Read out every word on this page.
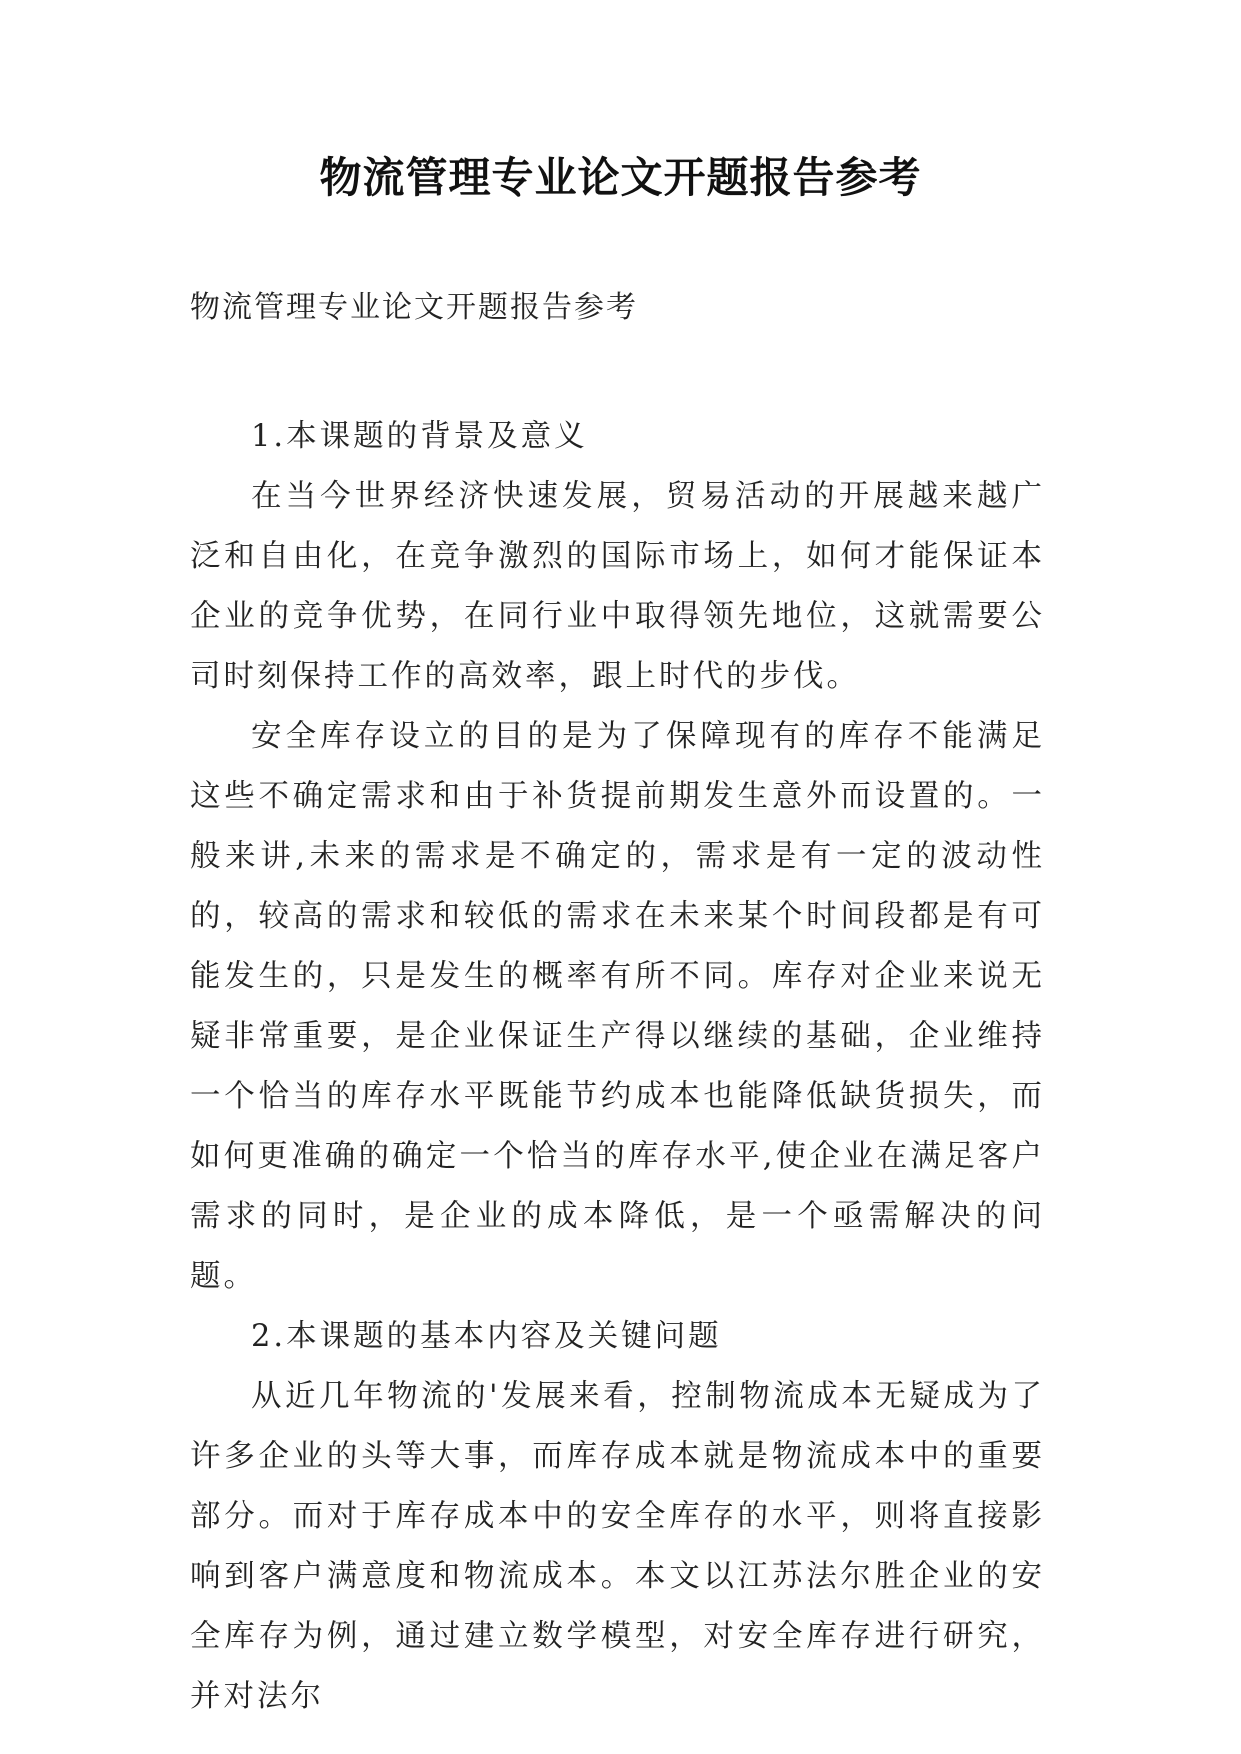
物流管理专业论文开题报告参考
物流管理专业论文开题报告参考

1.本课题的背景及意义

在当今世界经济快速发展，贸易活动的开展越来越广泛和自由化，在竞争激烈的国际市场上，如何才能保证本企业的竞争优势，在同行业中取得领先地位，这就需要公司时刻保持工作的高效率，跟上时代的步伐。

安全库存设立的目的是为了保障现有的库存不能满足这些不确定需求和由于补货提前期发生意外而设置的。一般来讲,未来的需求是不确定的，需求是有一定的波动性的，较高的需求和较低的需求在未来某个时间段都是有可能发生的，只是发生的概率有所不同。库存对企业来说无疑非常重要，是企业保证生产得以继续的基础，企业维持一个恰当的库存水平既能节约成本也能降低缺货损失，而如何更准确的确定一个恰当的库存水平,使企业在满足客户需求的同时，是企业的成本降低，是一个亟需解决的问题。

2.本课题的基本内容及关键问题

从近几年物流的'发展来看，控制物流成本无疑成为了许多企业的头等大事，而库存成本就是物流成本中的重要部分。而对于库存成本中的安全库存的水平，则将直接影响到客户满意度和物流成本。本文以江苏法尔胜企业的安全库存为例，通过建立数学模型，对安全库存进行研究，并对法尔
